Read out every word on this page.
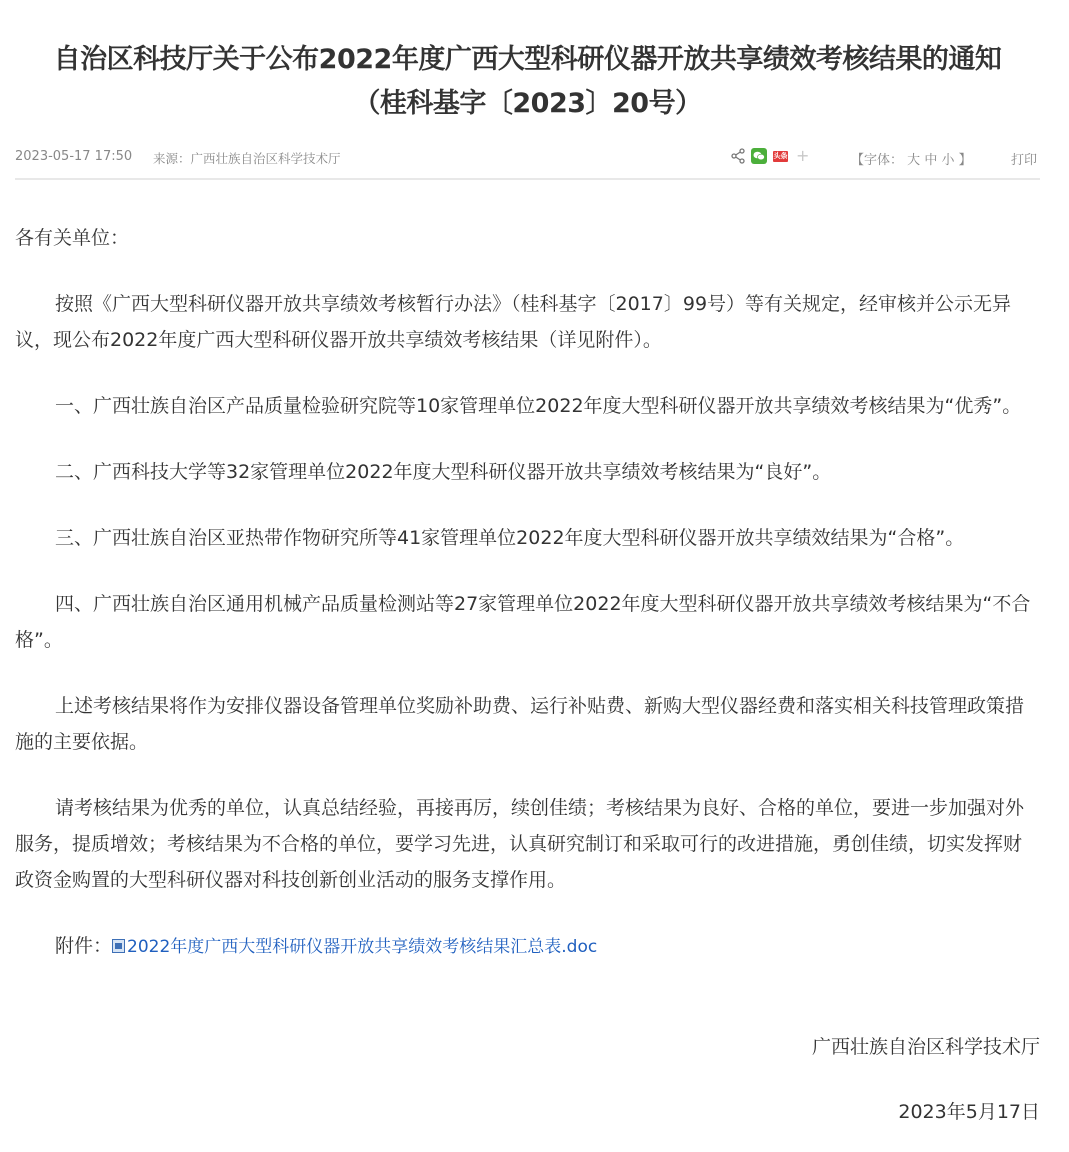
自治区科技厅关于公布2022年度广西大型科研仪器开放共享绩效考核结果的通知
（桂科基字〔2023〕20号）
2023-05-17 17:50 来源：广西壮族自治区科学技术厅	头条 +	【字体： 大 中 小 】	打印

各有关单位：

按照《广西大型科研仪器开放共享绩效考核暂行办法》（桂科基字〔2017〕99号）等有关规定，经审核并公示无异议，现公布2022年度广西大型科研仪器开放共享绩效考核结果（详见附件）。

一、广西壮族自治区产品质量检验研究院等10家管理单位2022年度大型科研仪器开放共享绩效考核结果为“优秀”。

二、广西科技大学等32家管理单位2022年度大型科研仪器开放共享绩效考核结果为“良好”。

三、广西壮族自治区亚热带作物研究所等41家管理单位2022年度大型科研仪器开放共享绩效结果为“合格”。

四、广西壮族自治区通用机械产品质量检测站等27家管理单位2022年度大型科研仪器开放共享绩效考核结果为“不合格”。

上述考核结果将作为安排仪器设备管理单位奖励补助费、运行补贴费、新购大型仪器经费和落实相关科技管理政策措施的主要依据。

请考核结果为优秀的单位，认真总结经验，再接再厉，续创佳绩；考核结果为良好、合格的单位，要进一步加强对外服务，提质增效；考核结果为不合格的单位，要学习先进，认真研究制订和采取可行的改进措施，勇创佳绩，切实发挥财政资金购置的大型科研仪器对科技创新创业活动的服务支撑作用。

附件： 2022年度广西大型科研仪器开放共享绩效考核结果汇总表.doc

广西壮族自治区科学技术厅
2023年5月17日
